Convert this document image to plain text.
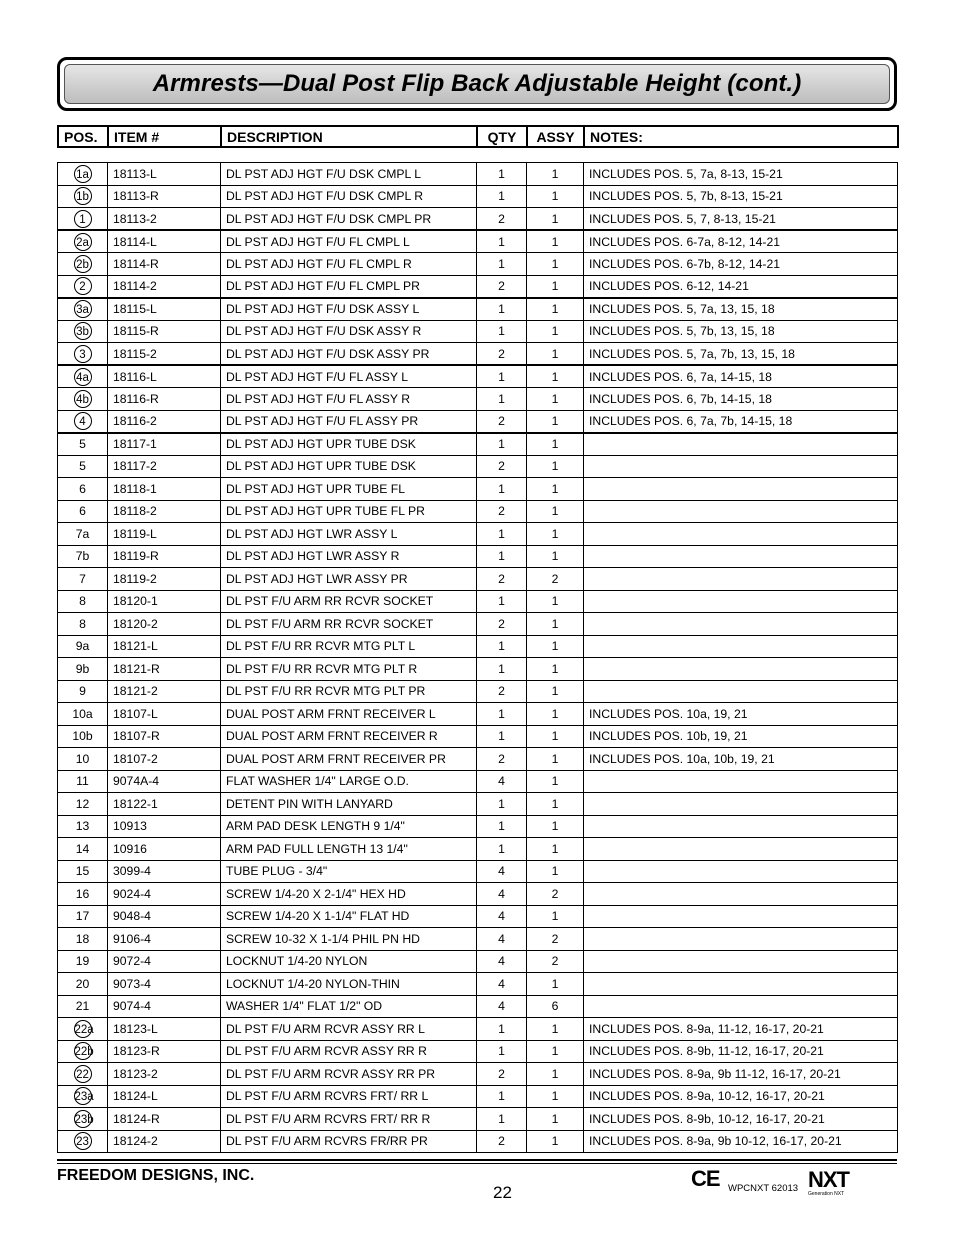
Armrests—Dual Post Flip Back Adjustable Height (cont.)
POS.	ITEM #	DESCRIPTION	QTY	ASSY	NOTES:
1a	18113-L	DL PST ADJ HGT F/U DSK CMPL L	1	1	INCLUDES POS. 5, 7a, 8-13, 15-21
1b	18113-R	DL PST ADJ HGT F/U DSK CMPL R	1	1	INCLUDES POS. 5, 7b, 8-13, 15-21
1	18113-2	DL PST ADJ HGT F/U DSK CMPL PR	2	1	INCLUDES POS. 5, 7, 8-13, 15-21
2a	18114-L	DL PST ADJ HGT F/U FL CMPL L	1	1	INCLUDES POS. 6-7a, 8-12, 14-21
2b	18114-R	DL PST ADJ HGT F/U FL CMPL R	1	1	INCLUDES POS. 6-7b, 8-12, 14-21
2	18114-2	DL PST ADJ HGT F/U FL CMPL PR	2	1	INCLUDES POS. 6-12, 14-21
3a	18115-L	DL PST ADJ HGT F/U DSK ASSY L	1	1	INCLUDES POS. 5, 7a, 13, 15, 18
3b	18115-R	DL PST ADJ HGT F/U DSK ASSY R	1	1	INCLUDES POS. 5, 7b, 13, 15, 18
3	18115-2	DL PST ADJ HGT F/U DSK ASSY PR	2	1	INCLUDES POS. 5, 7a, 7b, 13, 15, 18
4a	18116-L	DL PST ADJ HGT F/U FL ASSY L	1	1	INCLUDES POS. 6, 7a, 14-15, 18
4b	18116-R	DL PST ADJ HGT F/U FL ASSY R	1	1	INCLUDES POS. 6, 7b, 14-15, 18
4	18116-2	DL PST ADJ HGT F/U FL ASSY PR	2	1	INCLUDES POS. 6, 7a, 7b, 14-15, 18
5	18117-1	DL PST ADJ HGT UPR TUBE DSK	1	1	
5	18117-2	DL PST ADJ HGT UPR TUBE DSK	2	1	
6	18118-1	DL PST ADJ HGT UPR TUBE FL	1	1	
6	18118-2	DL PST ADJ HGT UPR TUBE FL PR	2	1	
7a	18119-L	DL PST ADJ HGT LWR ASSY L	1	1	
7b	18119-R	DL PST ADJ HGT LWR ASSY R	1	1	
7	18119-2	DL PST ADJ HGT LWR ASSY PR	2	2	
8	18120-1	DL PST F/U ARM RR RCVR SOCKET	1	1	
8	18120-2	DL PST F/U ARM RR RCVR SOCKET	2	1	
9a	18121-L	DL PST F/U RR RCVR MTG PLT L	1	1	
9b	18121-R	DL PST F/U RR RCVR MTG PLT R	1	1	
9	18121-2	DL PST F/U RR RCVR MTG PLT PR	2	1	
10a	18107-L	DUAL POST ARM FRNT RECEIVER L	1	1	INCLUDES POS. 10a, 19, 21
10b	18107-R	DUAL POST ARM FRNT RECEIVER R	1	1	INCLUDES POS. 10b, 19, 21
10	18107-2	DUAL POST ARM FRNT RECEIVER PR	2	1	INCLUDES POS. 10a, 10b, 19, 21
11	9074A-4	FLAT WASHER 1/4" LARGE O.D.	4	1	
12	18122-1	DETENT PIN WITH LANYARD	1	1	
13	10913	ARM PAD DESK LENGTH 9 1/4"	1	1	
14	10916	ARM PAD FULL LENGTH 13 1/4"	1	1	
15	3099-4	TUBE PLUG - 3/4"	4	1	
16	9024-4	SCREW 1/4-20 X 2-1/4" HEX HD	4	2	
17	9048-4	SCREW 1/4-20 X 1-1/4" FLAT HD	4	1	
18	9106-4	SCREW 10-32 X 1-1/4 PHIL PN HD	4	2	
19	9072-4	LOCKNUT 1/4-20 NYLON	4	2	
20	9073-4	LOCKNUT 1/4-20 NYLON-THIN	4	1	
21	9074-4	WASHER 1/4" FLAT 1/2" OD	4	6	
22a	18123-L	DL PST F/U ARM RCVR ASSY RR L	1	1	INCLUDES POS. 8-9a, 11-12, 16-17, 20-21
22b	18123-R	DL PST F/U ARM RCVR ASSY RR R	1	1	INCLUDES POS. 8-9b, 11-12, 16-17, 20-21
22	18123-2	DL PST F/U ARM RCVR ASSY RR PR	2	1	INCLUDES POS. 8-9a, 9b 11-12, 16-17, 20-21
23a	18124-L	DL PST F/U ARM RCVRS FRT/ RR L	1	1	INCLUDES POS. 8-9a, 10-12, 16-17, 20-21
23b	18124-R	DL PST F/U ARM RCVRS FRT/ RR R	1	1	INCLUDES POS. 8-9b, 10-12, 16-17, 20-21
23	18124-2	DL PST F/U ARM RCVRS FR/RR PR	2	1	INCLUDES POS. 8-9a, 9b 10-12, 16-17, 20-21
FREEDOM DESIGNS, INC.
22
CE WPCNXT 62013 NXT
Generation NXT
